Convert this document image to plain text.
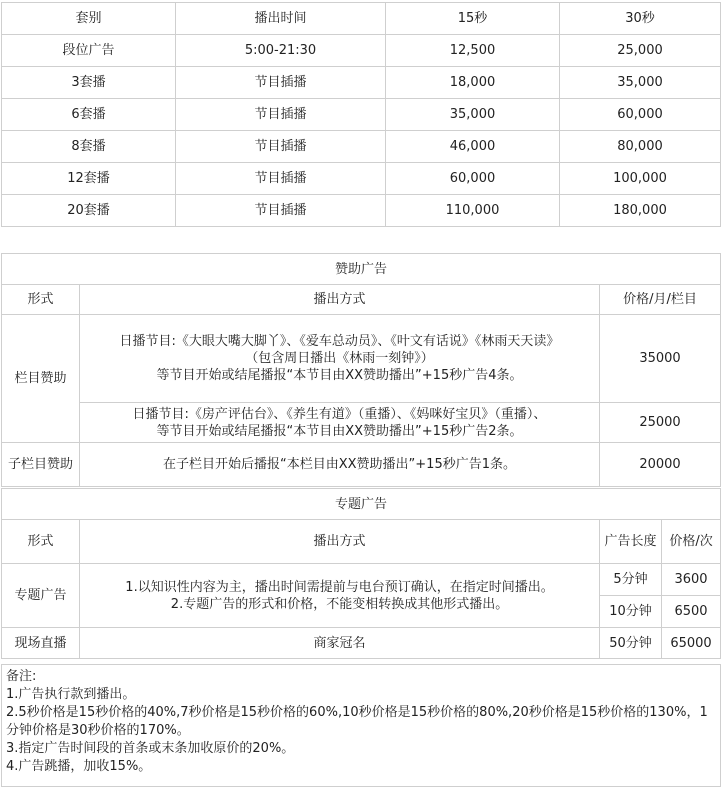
套别	播出时间	15秒	30秒
段位广告	5:00-21:30	12,500	25,000
3套播	节目插播	18,000	35,000
6套播	节目插播	35,000	60,000
8套播	节目插播	46,000	80,000
12套播	节目插播	60,000	100,000
20套播	节目插播	110,000	180,000
赞助广告		
形式	播出方式	价格/月/栏目
栏目赞助	日播节目:《大眼大嘴大脚丫》、《爱车总动员》、《叶文有话说》《林雨天天读》
（包含周日播出《林雨一刻钟》）
等节目开始或结尾播报“本节目由XX赞助播出”+15秒广告4条。	35000

	日播节目:《房产评估台》、《养生有道》（重播）、《妈咪好宝贝》（重播）、
等节目开始或结尾播报“本节目由XX赞助播出”+15秒广告2条。	25000
子栏目赞助	在子栏目开始后播报“本栏目由XX赞助播出”+15秒广告1条。	20000
专题广告			
形式	播出方式	广告长度	价格/次
专题广告	1.以知识性内容为主，播出时间需提前与电台预订确认，在指定时间播出。
2.专题广告的形式和价格，不能变相转换成其他形式播出。	5分钟	3600
		10分钟	6500
现场直播	商家冠名	50分钟	65000
备注:
1.广告执行款到播出。
2.5秒价格是15秒价格的40%,7秒价格是15秒价格的60%,10秒价格是15秒价格的80%,20秒价格是15秒价格的130%，1分钟价格是30秒价格的170%。
3.指定广告时间段的首条或末条加收原价的20%。
4.广告跳播，加收15%。
